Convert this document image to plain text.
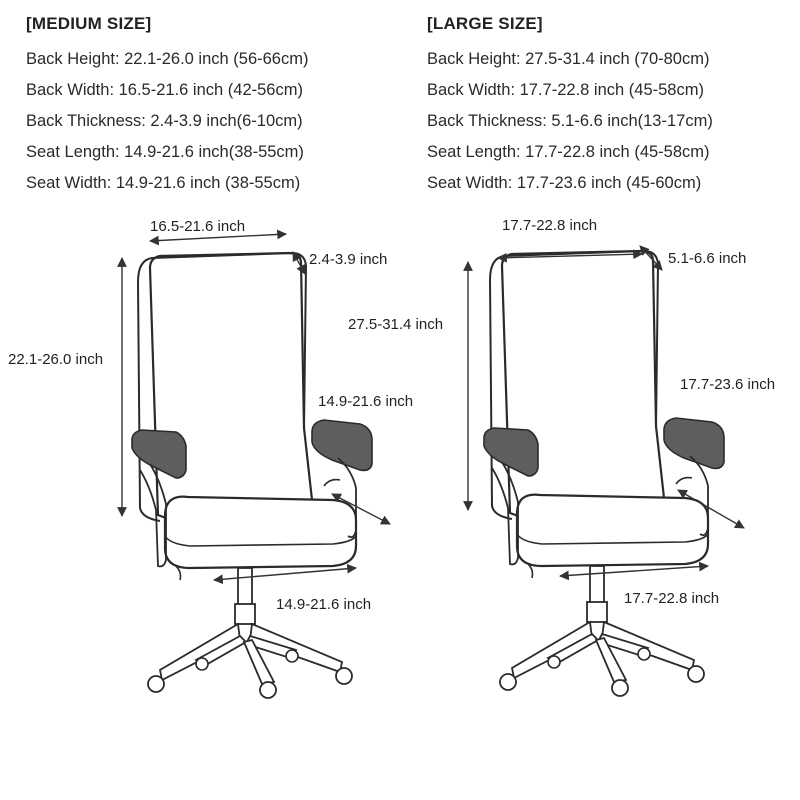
[MEDIUM SIZE]

Back Height: 22.1-26.0 inch (56-66cm)

Back Width: 16.5-21.6 inch (42-56cm)

Back Thickness: 2.4-3.9 inch(6-10cm)

Seat Length: 14.9-21.6 inch(38-55cm)

Seat Width: 14.9-21.6 inch (38-55cm)

[LARGE SIZE]

Back Height: 27.5-31.4 inch (70-80cm)

Back Width: 17.7-22.8 inch (45-58cm)

Back Thickness: 5.1-6.6 inch(13-17cm)

Seat Length: 17.7-22.8 inch (45-58cm)

Seat Width: 17.7-23.6 inch (45-60cm)

16.5-21.6 inch
2.4-3.9 inch
22.1-26.0 inch
14.9-21.6 inch
14.9-21.6 inch
17.7-22.8 inch
5.1-6.6 inch
27.5-31.4 inch
17.7-23.6 inch
17.7-22.8 inch
